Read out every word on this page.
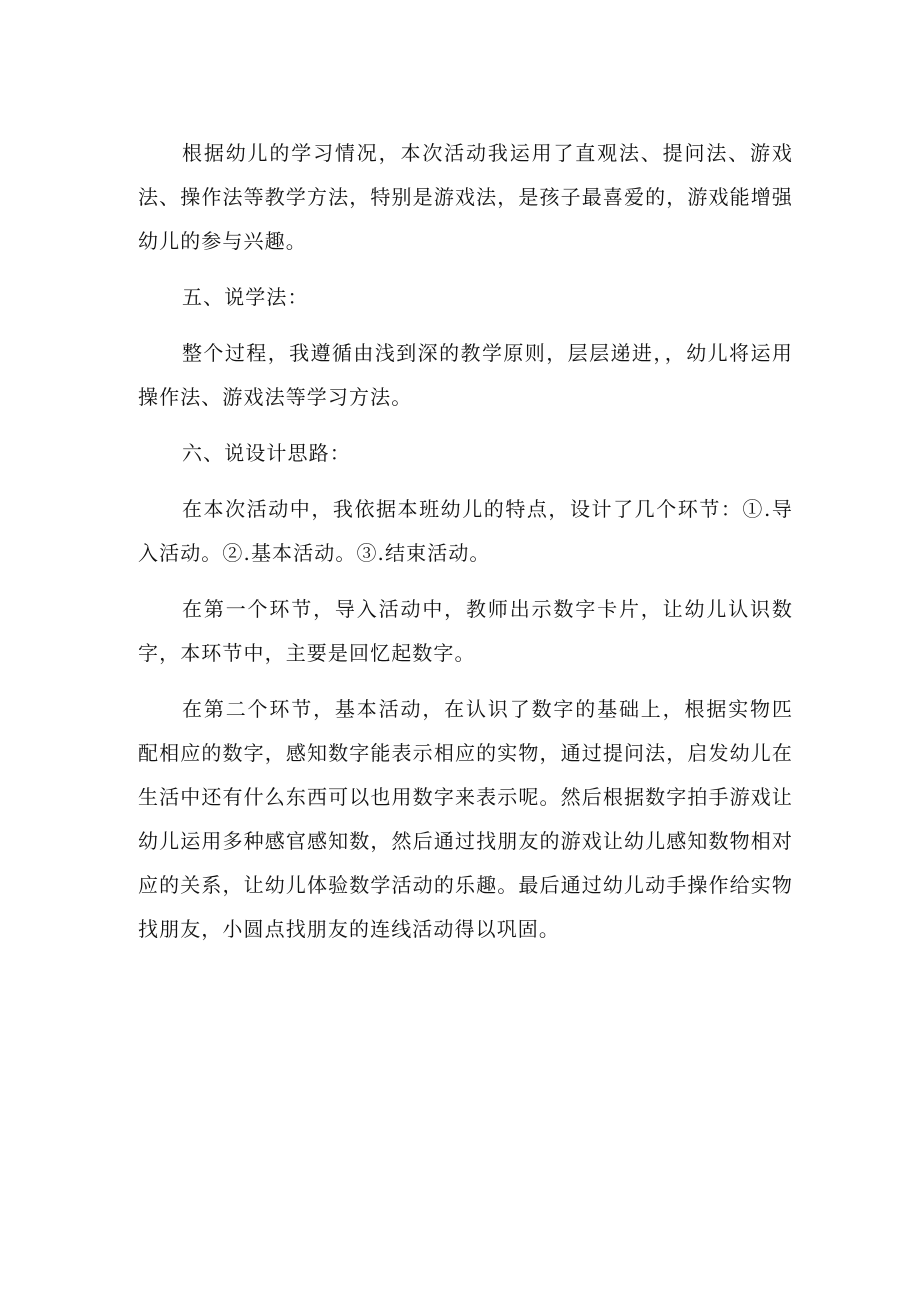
根据幼儿的学习情况，本次活动我运用了直观法、提问法、游戏法、操作法等教学方法，特别是游戏法，是孩子最喜爱的，游戏能增强幼儿的参与兴趣。

五、说学法：

整个过程，我遵循由浅到深的教学原则，层层递进，，幼儿将运用操作法、游戏法等学习方法。

六、说设计思路：

在本次活动中，我依据本班幼儿的特点，设计了几个环节：①.导入活动。②.基本活动。③.结束活动。

在第一个环节，导入活动中，教师出示数字卡片，让幼儿认识数字，本环节中，主要是回忆起数字。

在第二个环节，基本活动，在认识了数字的基础上，根据实物匹配相应的数字，感知数字能表示相应的实物，通过提问法，启发幼儿在生活中还有什么东西可以也用数字来表示呢。然后根据数字拍手游戏让幼儿运用多种感官感知数，然后通过找朋友的游戏让幼儿感知数物相对应的关系，让幼儿体验数学活动的乐趣。最后通过幼儿动手操作给实物找朋友，小圆点找朋友的连线活动得以巩固。
